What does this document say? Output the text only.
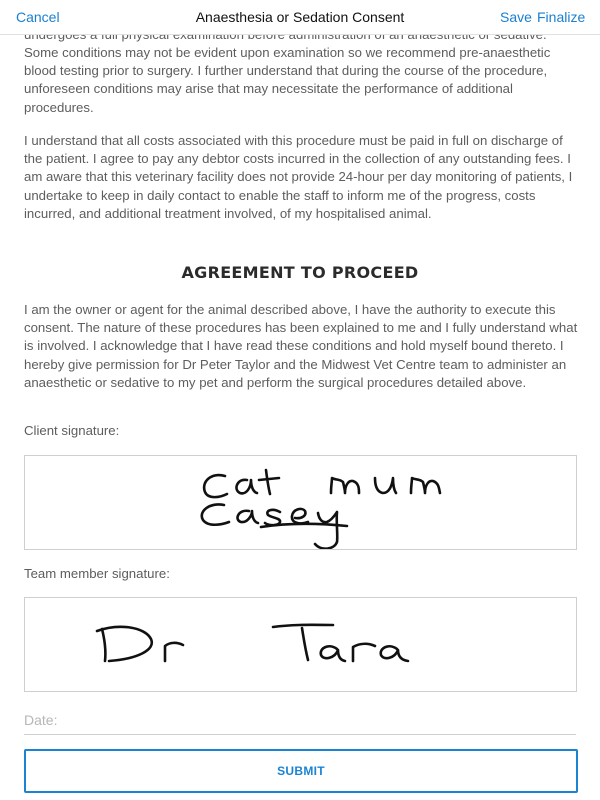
Some conditions may not be evident upon examination so we recommend pre-anaesthetic blood testing prior to surgery. I further understand that during the course of the procedure, unforeseen conditions may arise that may necessitate the performance of additional procedures.

I understand that all costs associated with this procedure must be paid in full on discharge of the patient. I agree to pay any debtor costs incurred in the collection of any outstanding fees. I am aware that this veterinary facility does not provide 24-hour per day monitoring of patients, I undertake to keep in daily contact to enable the staff to inform me of the progress, costs incurred, and additional treatment involved, of my hospitalised animal.

AGREEMENT TO PROCEED

I am the owner or agent for the animal described above, I have the authority to execute this consent. The nature of these procedures has been explained to me and I fully understand what is involved. I acknowledge that I have read these conditions and hold myself bound thereto. I hereby give permission for Dr Peter Taylor and the Midwest Vet Centre team to administer an anaesthetic or sedative to my pet and perform the surgical procedures detailed above.

Client signature:
Team member signature:
Date:
SUBMIT
Cancel	Anaesthesia or Sedation Consent	Save Finalize
